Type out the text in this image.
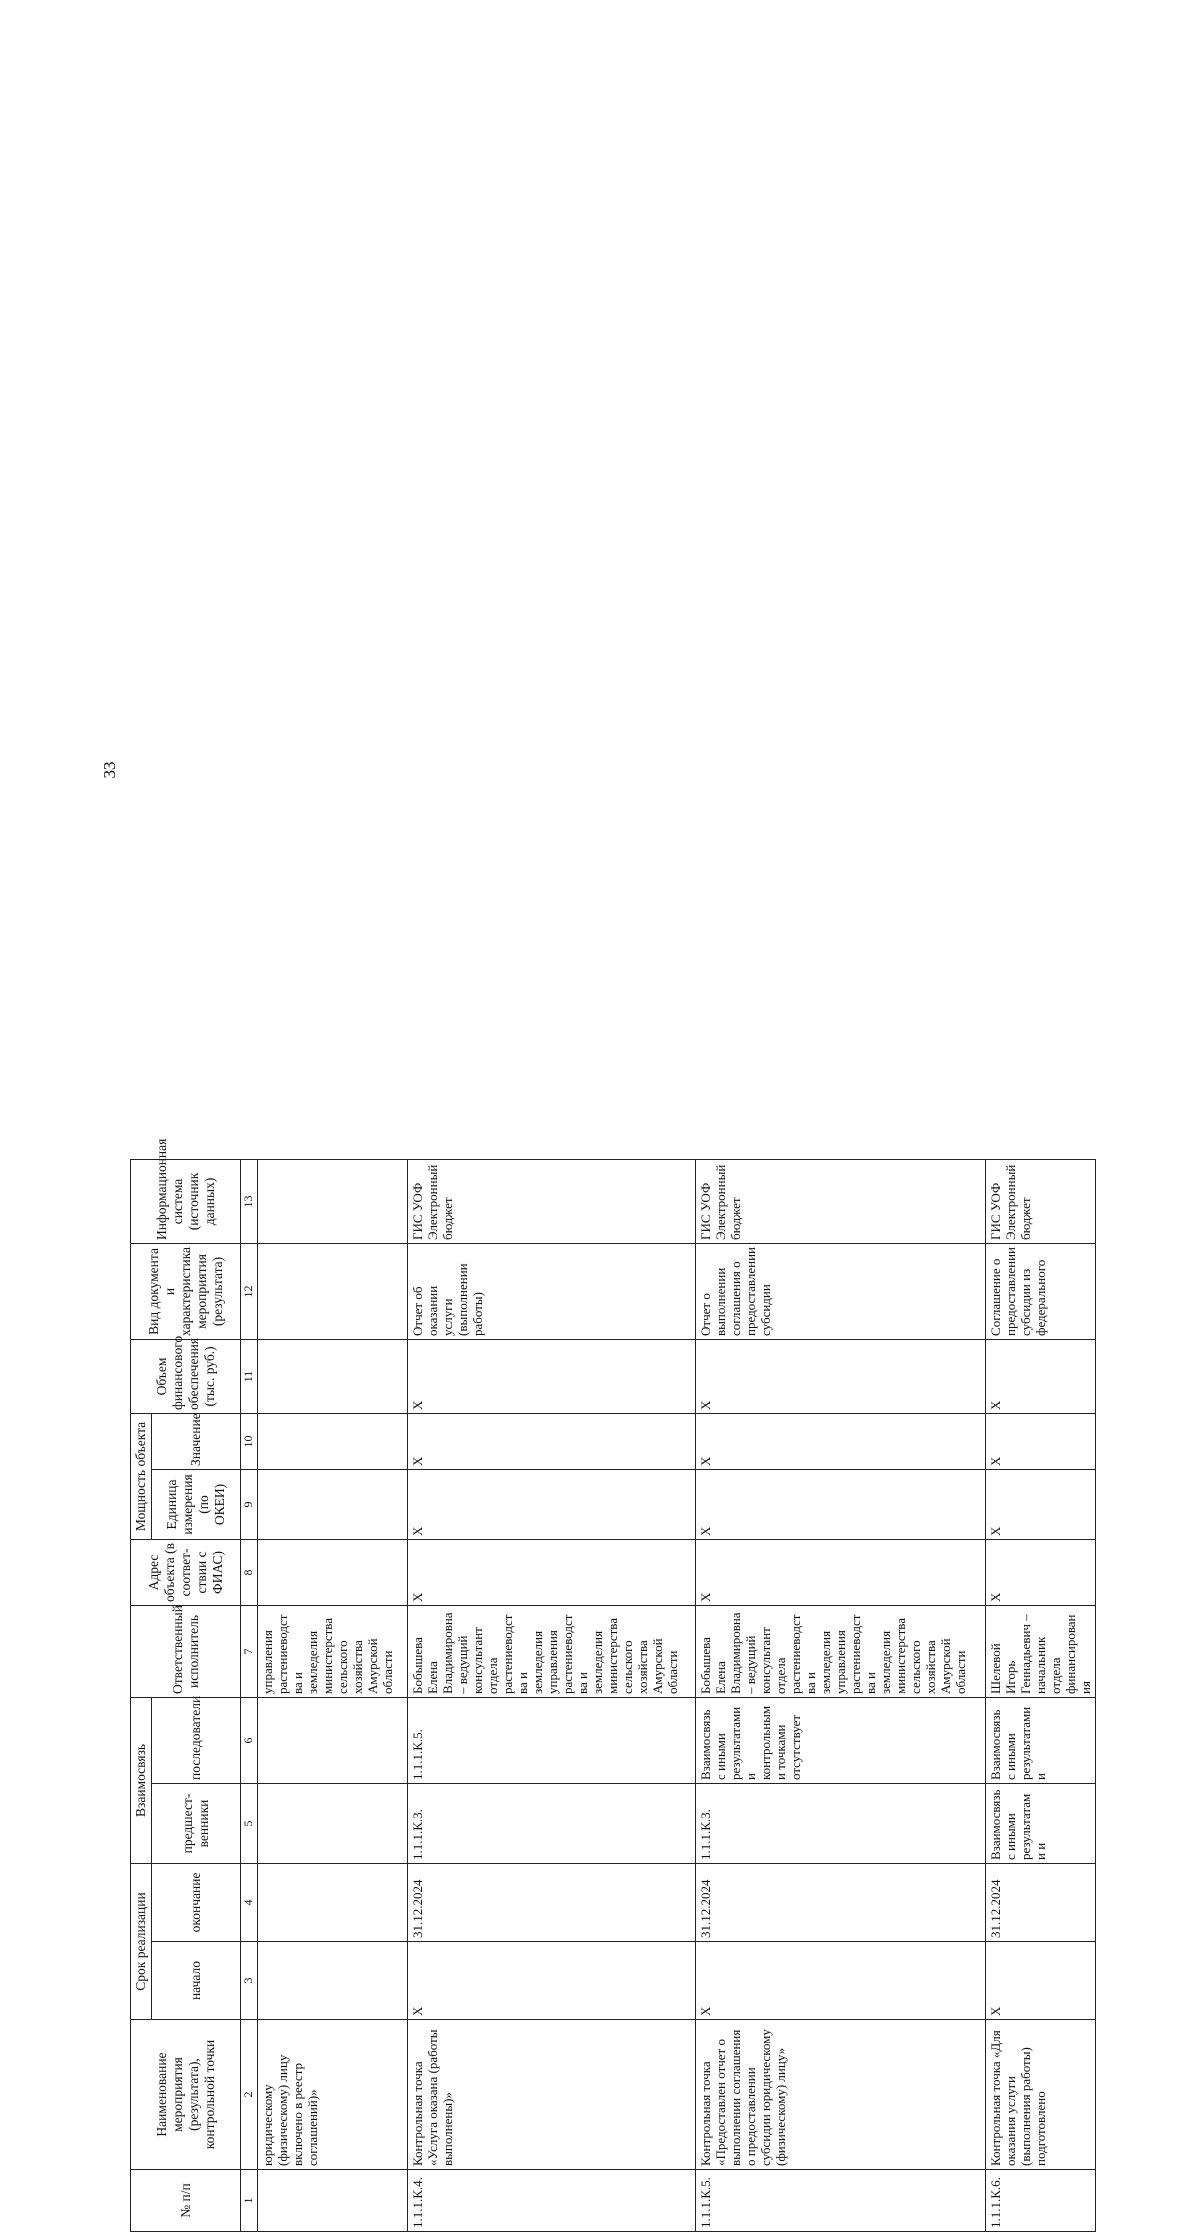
33
№ п/п	Наименование мероприятия (результата), контрольной точки	Срок реализации		Взаимосвязь		Ответственный исполнитель	Адрес объекта (в соответ-ствии с ФИАС)	Мощность объекта		Объем финансового обеспечения (тыс. руб.)	Вид документа и характеристика мероприятия (результата)	Информационная система (источник данных)
		начало	окончание	предшест-венники	последователи			Единица измерения (по ОКЕИ)	Значение			
1	2	3	4	5	6	7	8	9	10	11	12	13
	юридическому (физическому) лицу включено в реестр соглашений)»					управления растениеводства и земледелия министерства сельского хозяйства Амурской области						
1.1.1.К.4.	Контрольная точка «Услуга оказана (работы выполнены)»	X	31.12.2024	1.1.1.К.3.	1.1.1.К.5.	Бобышева Елена Владимировна – ведущий консультант отдела растениеводства и земледелия управления растениеводства и земледелия министерства сельского хозяйства Амурской области	X	X	X	X	Отчет об оказании услуги (выполнении работы)	ГИС УОФ Электронный бюджет
1.1.1.К.5.	Контрольная точка «Предоставлен отчет о выполнении соглашения о предоставлении субсидии юридическому (физическому) лицу»	X	31.12.2024	1.1.1.К.3.	Взаимосвязь с иными результатами и контрольными точками отсутствует	Бобышева Елена Владимировна – ведущий консультант отдела растениеводства и земледелия управления растениеводства и земледелия министерства сельского хозяйства Амурской области	X	X	X	X	Отчет о выполнении соглашения о предоставлении субсидии	ГИС УОФ Электронный бюджет
1.1.1.К.6.	Контрольная точка «Для оказания услуги (выполнения работы) подготовлено	X	31.12.2024	Взаимосвязь с иными результатами и	Взаимосвязь с иными результатами и	Шелевой Игорь Геннадьевич – начальник отдела финансирования	X	X	X	X	Соглашение о предоставлении субсидии из федерального	ГИС УОФ Электронный бюджет
